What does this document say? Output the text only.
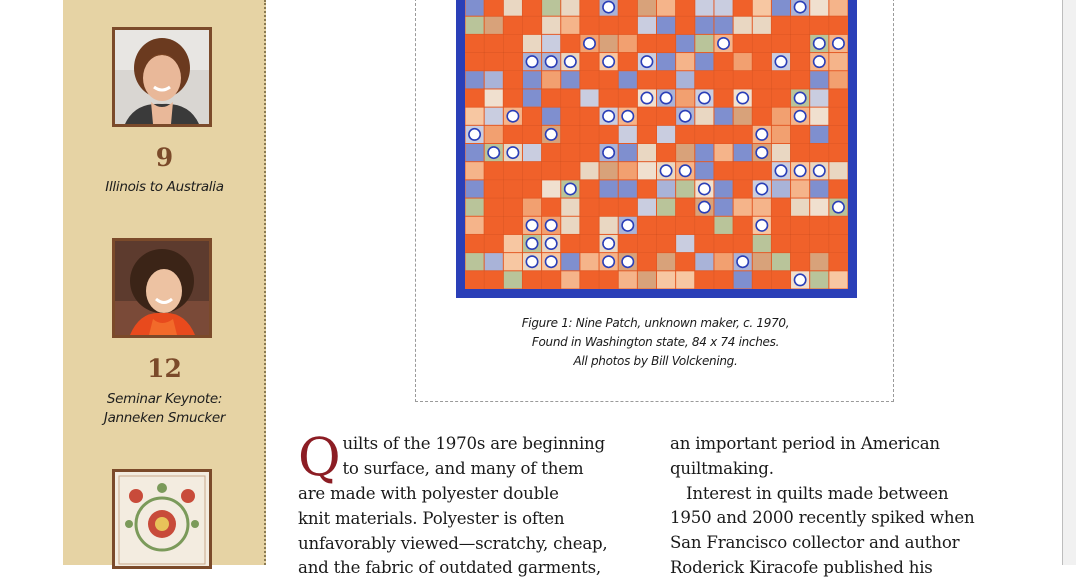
9
Illinois to Australia
12
Seminar Keynote:
Janneken Smucker
Figure 1: Nine Patch, unknown maker, c. 1970,
Found in Washington state, 84 x 74 inches.
All photos by Bill Volckening.
Q uilts of the 1970s are beginning
to surface, and many of them
are made with polyester double
knit materials. Polyester is often
unfavorably viewed—scratchy, cheap,
and the fabric of outdated garments,
an important period in American
quiltmaking.
Interest in quilts made between
1950 and 2000 recently spiked when
San Francisco collector and author
Roderick Kiracofe published his
